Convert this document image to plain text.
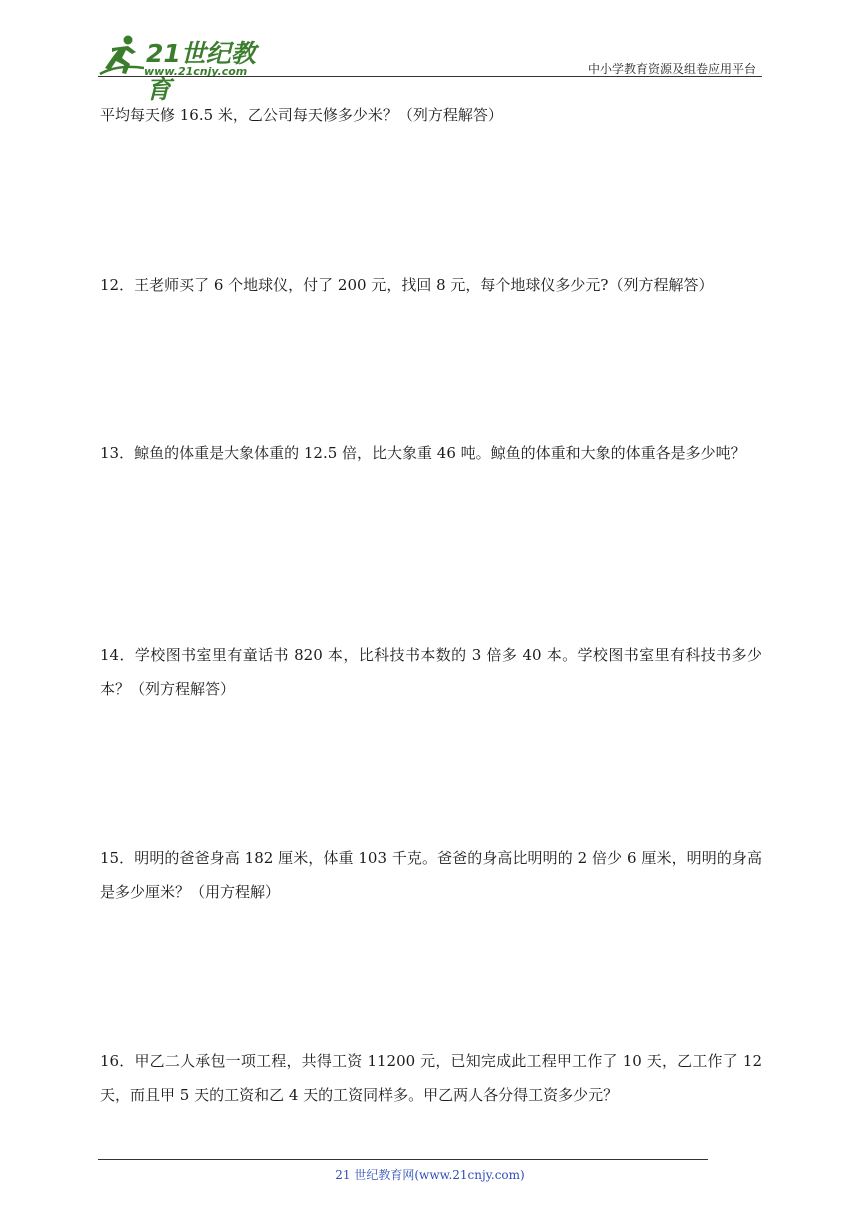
21世纪教育
www.21cnjy.com	中小学教育资源及组卷应用平台
平均每天修 16.5 米，乙公司每天修多少米？（列方程解答）
12．王老师买了 6 个地球仪，付了 200 元，找回 8 元，每个地球仪多少元?（列方程解答）
13．鲸鱼的体重是大象体重的 12.5 倍，比大象重 46 吨。鲸鱼的体重和大象的体重各是多少吨？
14．学校图书室里有童话书 820 本，比科技书本数的 3 倍多 40 本。学校图书室里有科技书多少本？（列方程解答）
15．明明的爸爸身高 182 厘米，体重 103 千克。爸爸的身高比明明的 2 倍少 6 厘米，明明的身高是多少厘米？（用方程解）
16．甲乙二人承包一项工程，共得工资 11200 元，已知完成此工程甲工作了 10 天，乙工作了 12 天，而且甲 5 天的工资和乙 4 天的工资同样多。甲乙两人各分得工资多少元？
21 世纪教育网(www.21cnjy.com)
